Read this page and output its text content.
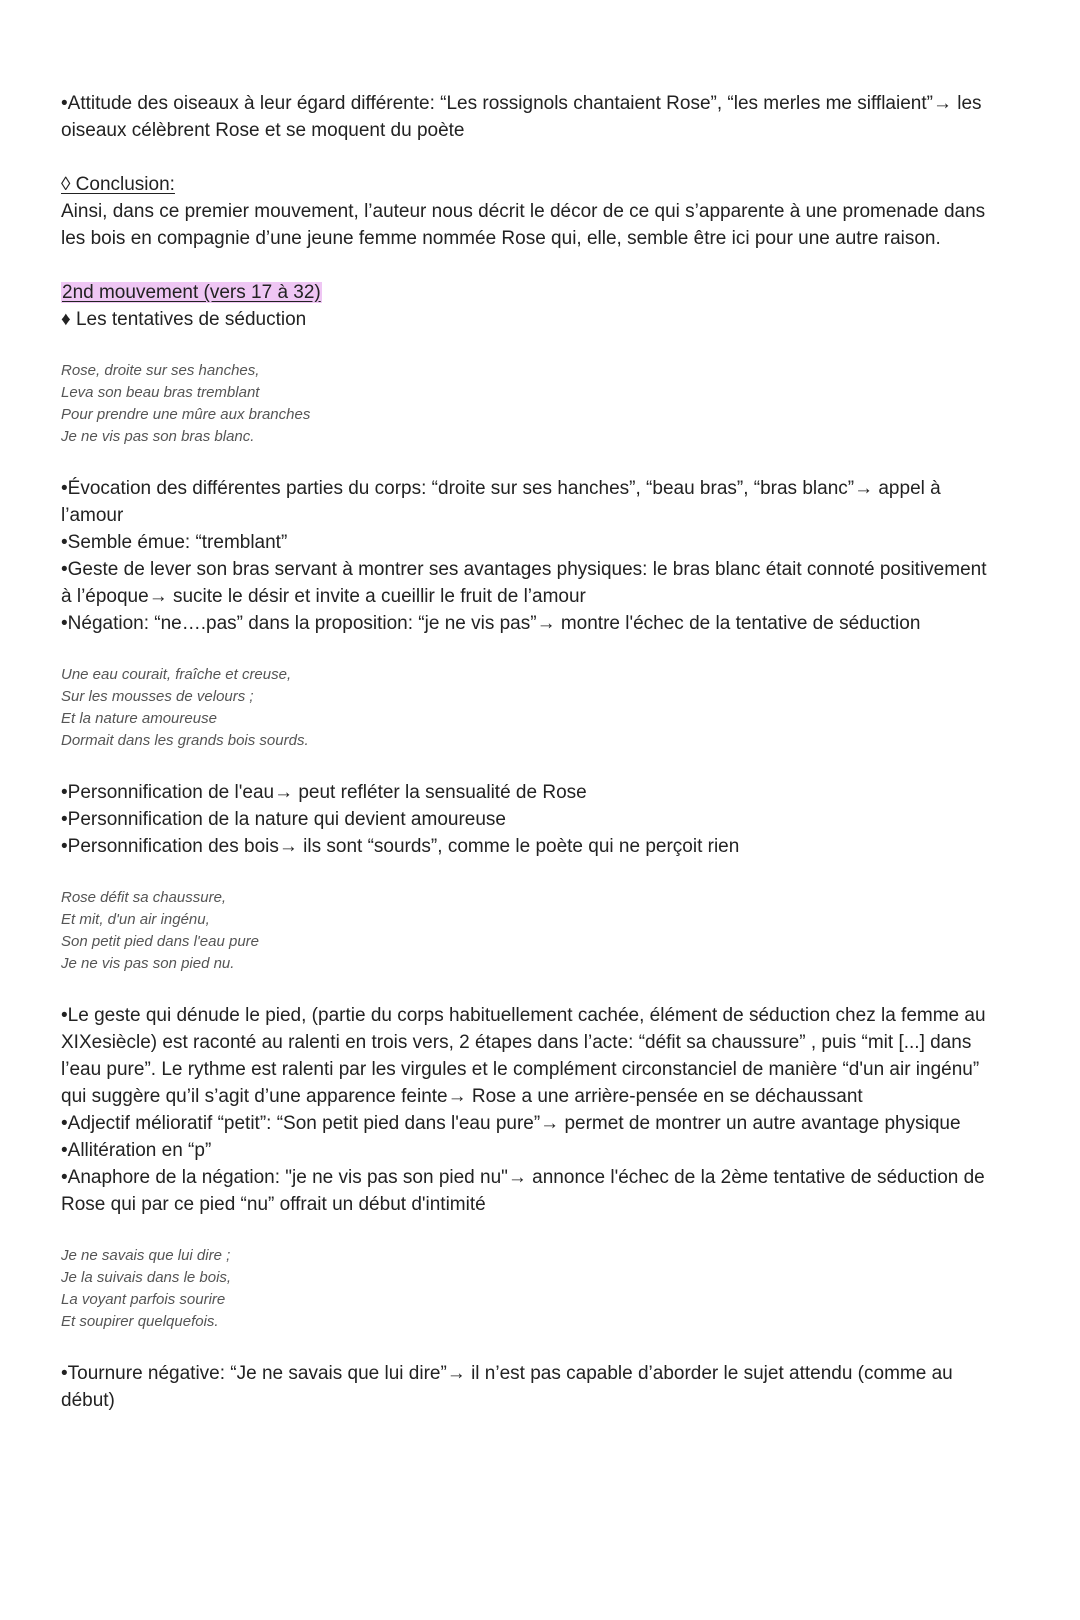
•Attitude des oiseaux à leur égard différente: “Les rossignols chantaient Rose”, “les merles me sifflaient”→ les oiseaux célèbrent Rose et se moquent du poète

◊ Conclusion:

Ainsi, dans ce premier mouvement, l’auteur nous décrit le décor de ce qui s’apparente à une promenade dans les bois en compagnie d’une jeune femme nommée Rose qui, elle, semble être ici pour une autre raison.

2nd mouvement (vers 17 à 32)

♦ Les tentatives de séduction

Rose, droite sur ses hanches,
Leva son beau bras tremblant
Pour prendre une mûre aux branches
Je ne vis pas son bras blanc.
•Évocation des différentes parties du corps: “droite sur ses hanches”, “beau bras”, “bras blanc”→ appel à l’amour
•Semble émue: “tremblant”
•Geste de lever son bras servant à montrer ses avantages physiques: le bras blanc était connoté positivement à l’époque→ sucite le désir et invite a cueillir le fruit de l’amour
•Négation: “ne….pas” dans la proposition: “je ne vis pas”→ montre l'échec de la tentative de séduction
Une eau courait, fraîche et creuse,
Sur les mousses de velours ;
Et la nature amoureuse
Dormait dans les grands bois sourds.
•Personnification de l'eau→ peut refléter la sensualité de Rose
•Personnification de la nature qui devient amoureuse
•Personnification des bois→ ils sont “sourds”, comme le poète qui ne perçoit rien
Rose défit sa chaussure,
Et mit, d'un air ingénu,
Son petit pied dans l'eau pure
Je ne vis pas son pied nu.
•Le geste qui dénude le pied, (partie du corps habituellement cachée, élément de séduction chez la femme au XIXesiècle) est raconté au ralenti en trois vers, 2 étapes dans l’acte: “défit sa chaussure” , puis “mit [...] dans l’eau pure”. Le rythme est ralenti par les virgules et le complément circonstanciel de manière “d'un air ingénu” qui suggère qu’il s’agit d’une apparence feinte→ Rose a une arrière-pensée en se déchaussant
•Adjectif mélioratif “petit”: “Son petit pied dans l'eau pure”→ permet de montrer un autre avantage physique
•Allitération en “p”
•Anaphore de la négation: "je ne vis pas son pied nu"→ annonce l'échec de la 2ème tentative de séduction de Rose qui par ce pied “nu” offrait un début d'intimité
Je ne savais que lui dire ;
Je la suivais dans le bois,
La voyant parfois sourire
Et soupirer quelquefois.
•Tournure négative: “Je ne savais que lui dire”→ il n’est pas capable d’aborder le sujet attendu (comme au début)
